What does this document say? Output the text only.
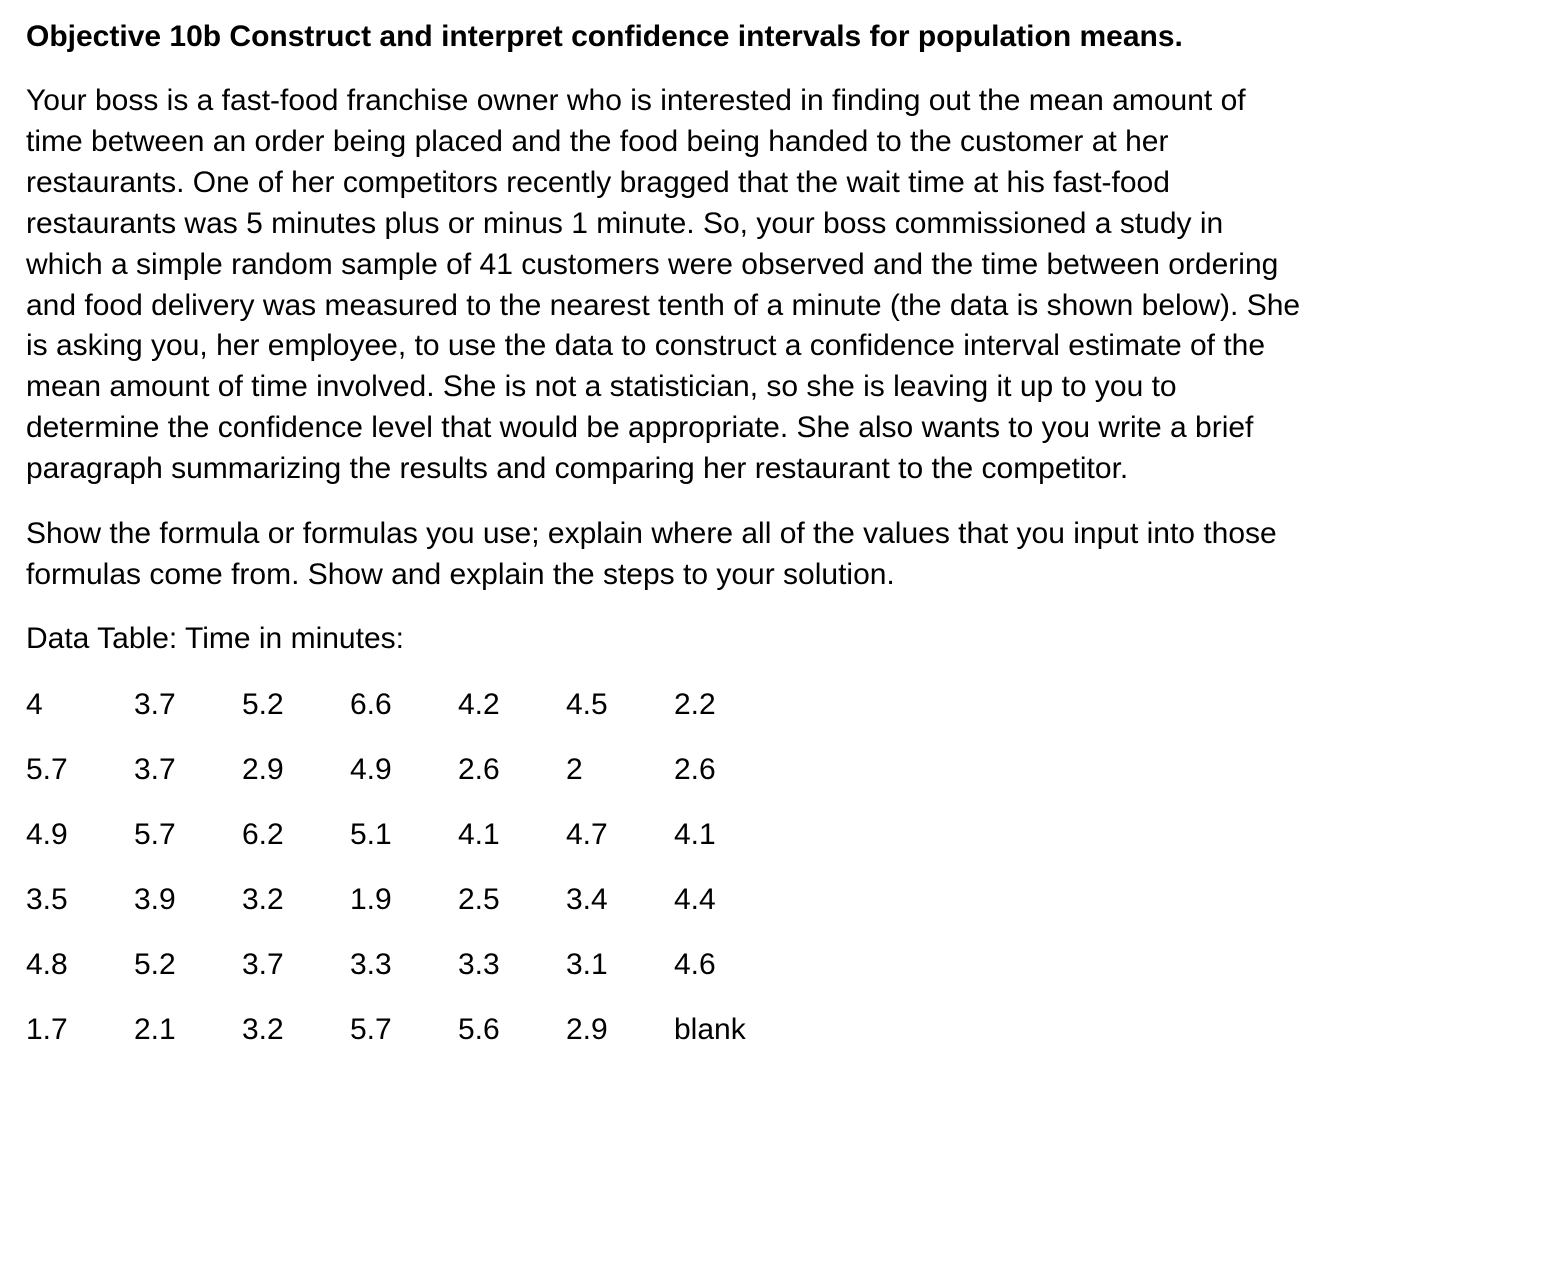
Objective 10b Construct and interpret confidence intervals for population means.

Your boss is a fast-food franchise owner who is interested in finding out the mean amount of
time between an order being placed and the food being handed to the customer at her
restaurants. One of her competitors recently bragged that the wait time at his fast-food
restaurants was 5 minutes plus or minus 1 minute. So, your boss commissioned a study in
which a simple random sample of 41 customers were observed and the time between ordering
and food delivery was measured to the nearest tenth of a minute (the data is shown below). She
is asking you, her employee, to use the data to construct a confidence interval estimate of the
mean amount of time involved. She is not a statistician, so she is leaving it up to you to
determine the confidence level that would be appropriate. She also wants to you write a brief
paragraph summarizing the results and comparing her restaurant to the competitor.

Show the formula or formulas you use; explain where all of the values that you input into those
formulas come from. Show and explain the steps to your solution.

Data Table: Time in minutes:

4	3.7	5.2	6.6	4.2	4.5	2.2
5.7	3.7	2.9	4.9	2.6	2	2.6
4.9	5.7	6.2	5.1	4.1	4.7	4.1
3.5	3.9	3.2	1.9	2.5	3.4	4.4
4.8	5.2	3.7	3.3	3.3	3.1	4.6
1.7	2.1	3.2	5.7	5.6	2.9	blank
